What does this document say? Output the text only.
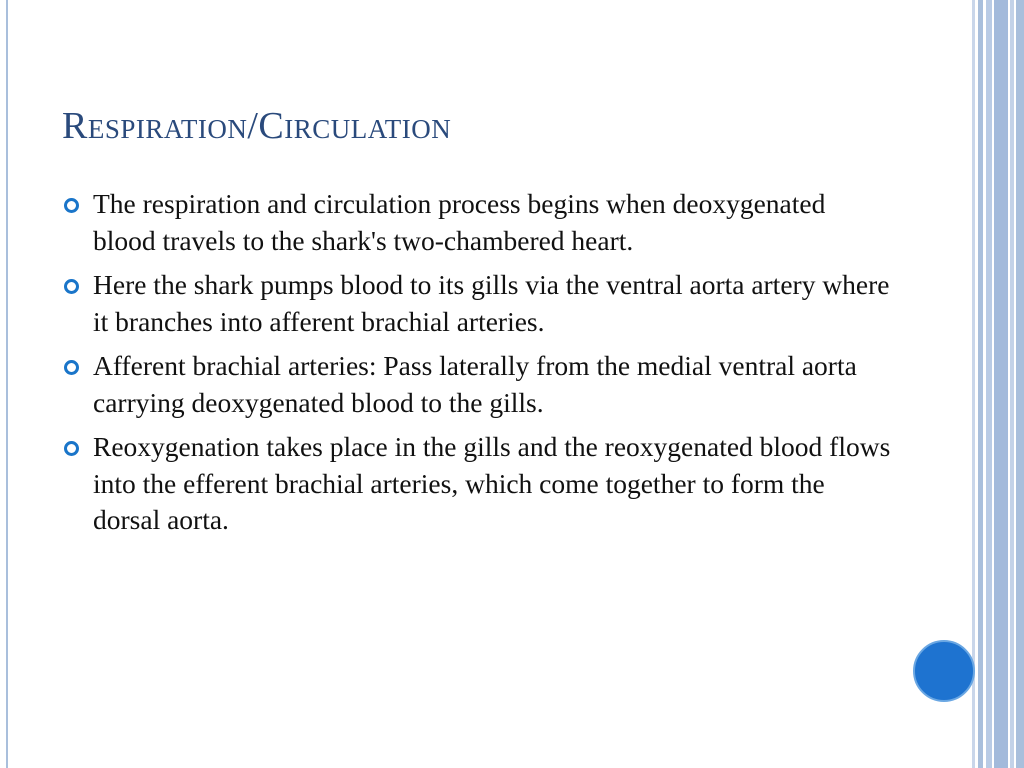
Respiration/Circulation
The respiration and circulation process begins when deoxygenated blood travels to the shark's two-chambered heart.
Here the shark pumps blood to its gills via the ventral aorta artery where it branches into afferent brachial arteries.
Afferent brachial arteries: Pass laterally from the medial ventral aorta carrying deoxygenated blood to the gills.
Reoxygenation takes place in the gills and the reoxygenated blood flows into the efferent brachial arteries, which come together to form the dorsal aorta.
